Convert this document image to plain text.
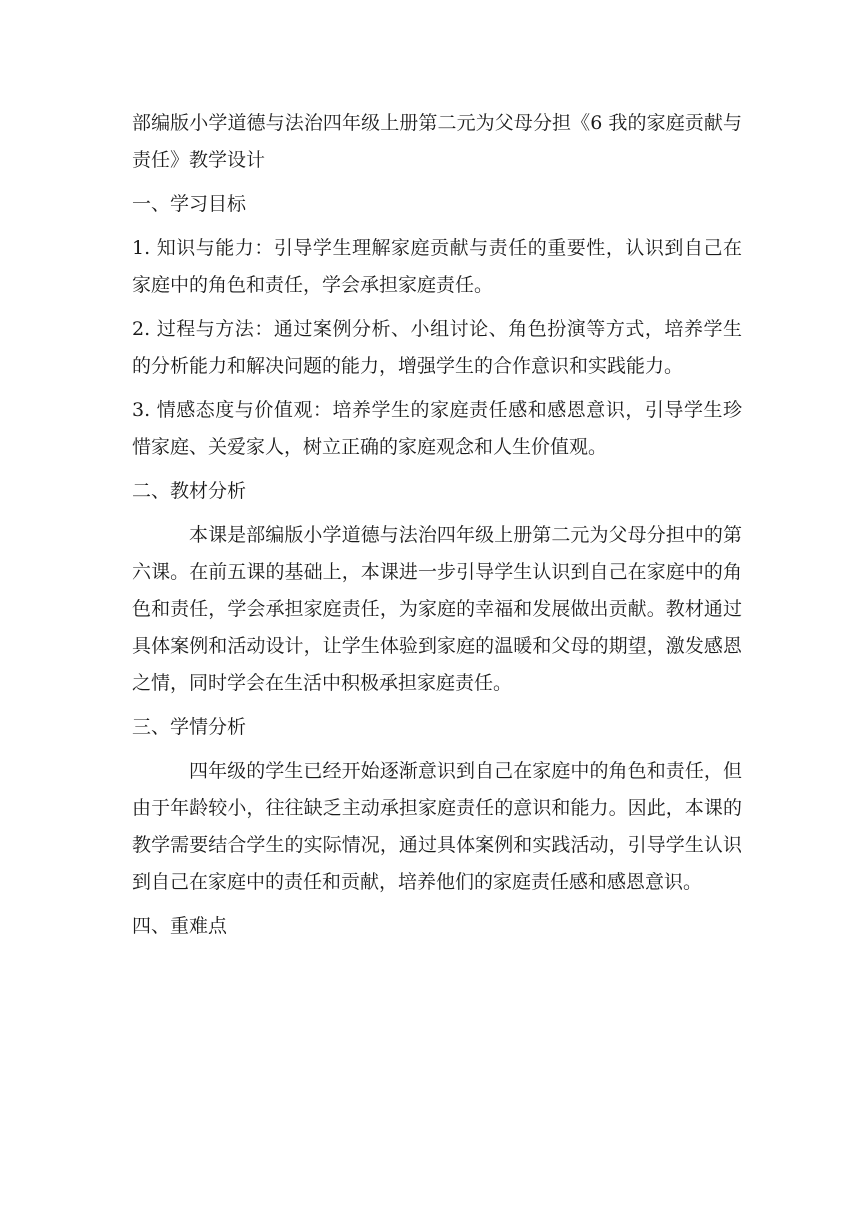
部编版小学道德与法治四年级上册第二元为父母分担《6 我的家庭贡献与责任》教学设计

一、学习目标

1. 知识与能力：引导学生理解家庭贡献与责任的重要性，认识到自己在家庭中的角色和责任，学会承担家庭责任。

2. 过程与方法：通过案例分析、小组讨论、角色扮演等方式，培养学生的分析能力和解决问题的能力，增强学生的合作意识和实践能力。

3. 情感态度与价值观：培养学生的家庭责任感和感恩意识，引导学生珍惜家庭、关爱家人，树立正确的家庭观念和人生价值观。

二、教材分析

本课是部编版小学道德与法治四年级上册第二元为父母分担中的第六课。在前五课的基础上，本课进一步引导学生认识到自己在家庭中的角色和责任，学会承担家庭责任，为家庭的幸福和发展做出贡献。教材通过具体案例和活动设计，让学生体验到家庭的温暖和父母的期望，激发感恩之情，同时学会在生活中积极承担家庭责任。

三、学情分析

四年级的学生已经开始逐渐意识到自己在家庭中的角色和责任，但由于年龄较小，往往缺乏主动承担家庭责任的意识和能力。因此，本课的教学需要结合学生的实际情况，通过具体案例和实践活动，引导学生认识到自己在家庭中的责任和贡献，培养他们的家庭责任感和感恩意识。

四、重难点
